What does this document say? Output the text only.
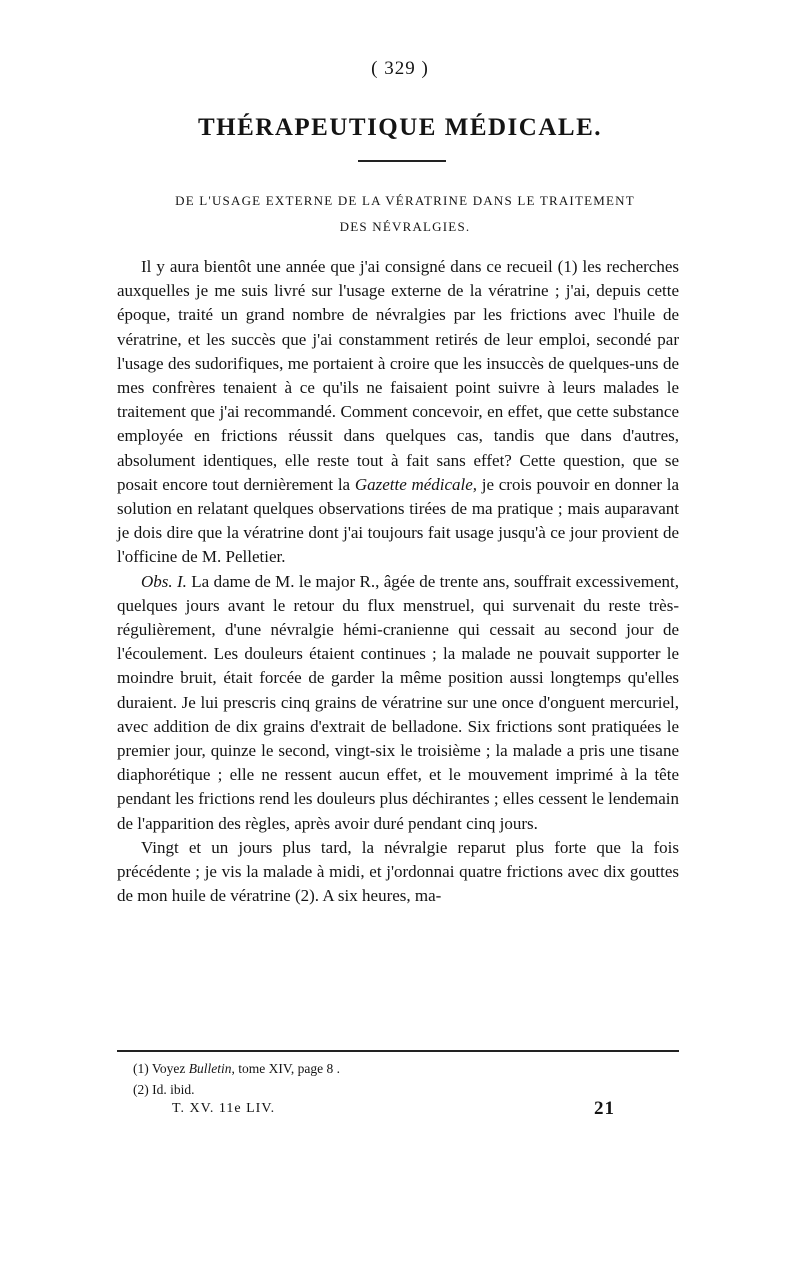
( 329 )
THÉRAPEUTIQUE MÉDICALE.
DE L'USAGE EXTERNE DE LA VÉRATRINE DANS LE TRAITEMENT
DES NÉVRALGIES.

Il y aura bientôt une année que j'ai consigné dans ce recueil (1) les recherches auxquelles je me suis livré sur l'usage externe de la vératrine ; j'ai, depuis cette époque, traité un grand nombre de névralgies par les frictions avec l'huile de vératrine, et les succès que j'ai constamment retirés de leur emploi, secondé par l'usage des sudorifiques, me portaient à croire que les insuccès de quelques-uns de mes confrères tenaient à ce qu'ils ne faisaient point suivre à leurs malades le traitement que j'ai recommandé. Comment concevoir, en effet, que cette substance employée en frictions réussit dans quelques cas, tandis que dans d'autres, absolument identiques, elle reste tout à fait sans effet? Cette question, que se posait encore tout dernièrement la Gazette médicale, je crois pouvoir en donner la solution en relatant quelques observations tirées de ma pratique ; mais auparavant je dois dire que la vératrine dont j'ai toujours fait usage jusqu'à ce jour provient de l'officine de M. Pelletier.

Obs. I. La dame de M. le major R., âgée de trente ans, souffrait excessivement, quelques jours avant le retour du flux menstruel, qui survenait du reste très-régulièrement, d'une névralgie hémi-cranienne qui cessait au second jour de l'écoulement. Les douleurs étaient continues ; la malade ne pouvait supporter le moindre bruit, était forcée de garder la même position aussi longtemps qu'elles duraient. Je lui prescris cinq grains de vératrine sur une once d'onguent mercuriel, avec addition de dix grains d'extrait de belladone. Six frictions sont pratiquées le premier jour, quinze le second, vingt-six le troisième ; la malade a pris une tisane diaphorétique ; elle ne ressent aucun effet, et le mouvement imprimé à la tête pendant les frictions rend les douleurs plus déchirantes ; elles cessent le lendemain de l'apparition des règles, après avoir duré pendant cinq jours.

Vingt et un jours plus tard, la névralgie reparut plus forte que la fois précédente ; je vis la malade à midi, et j'ordonnai quatre frictions avec dix gouttes de mon huile de vératrine (2). A six heures, ma-

(1) Voyez Bulletin, tome XIV, page 8 .
(2) Id. ibid.
T. XV. 11e LIV.	21
